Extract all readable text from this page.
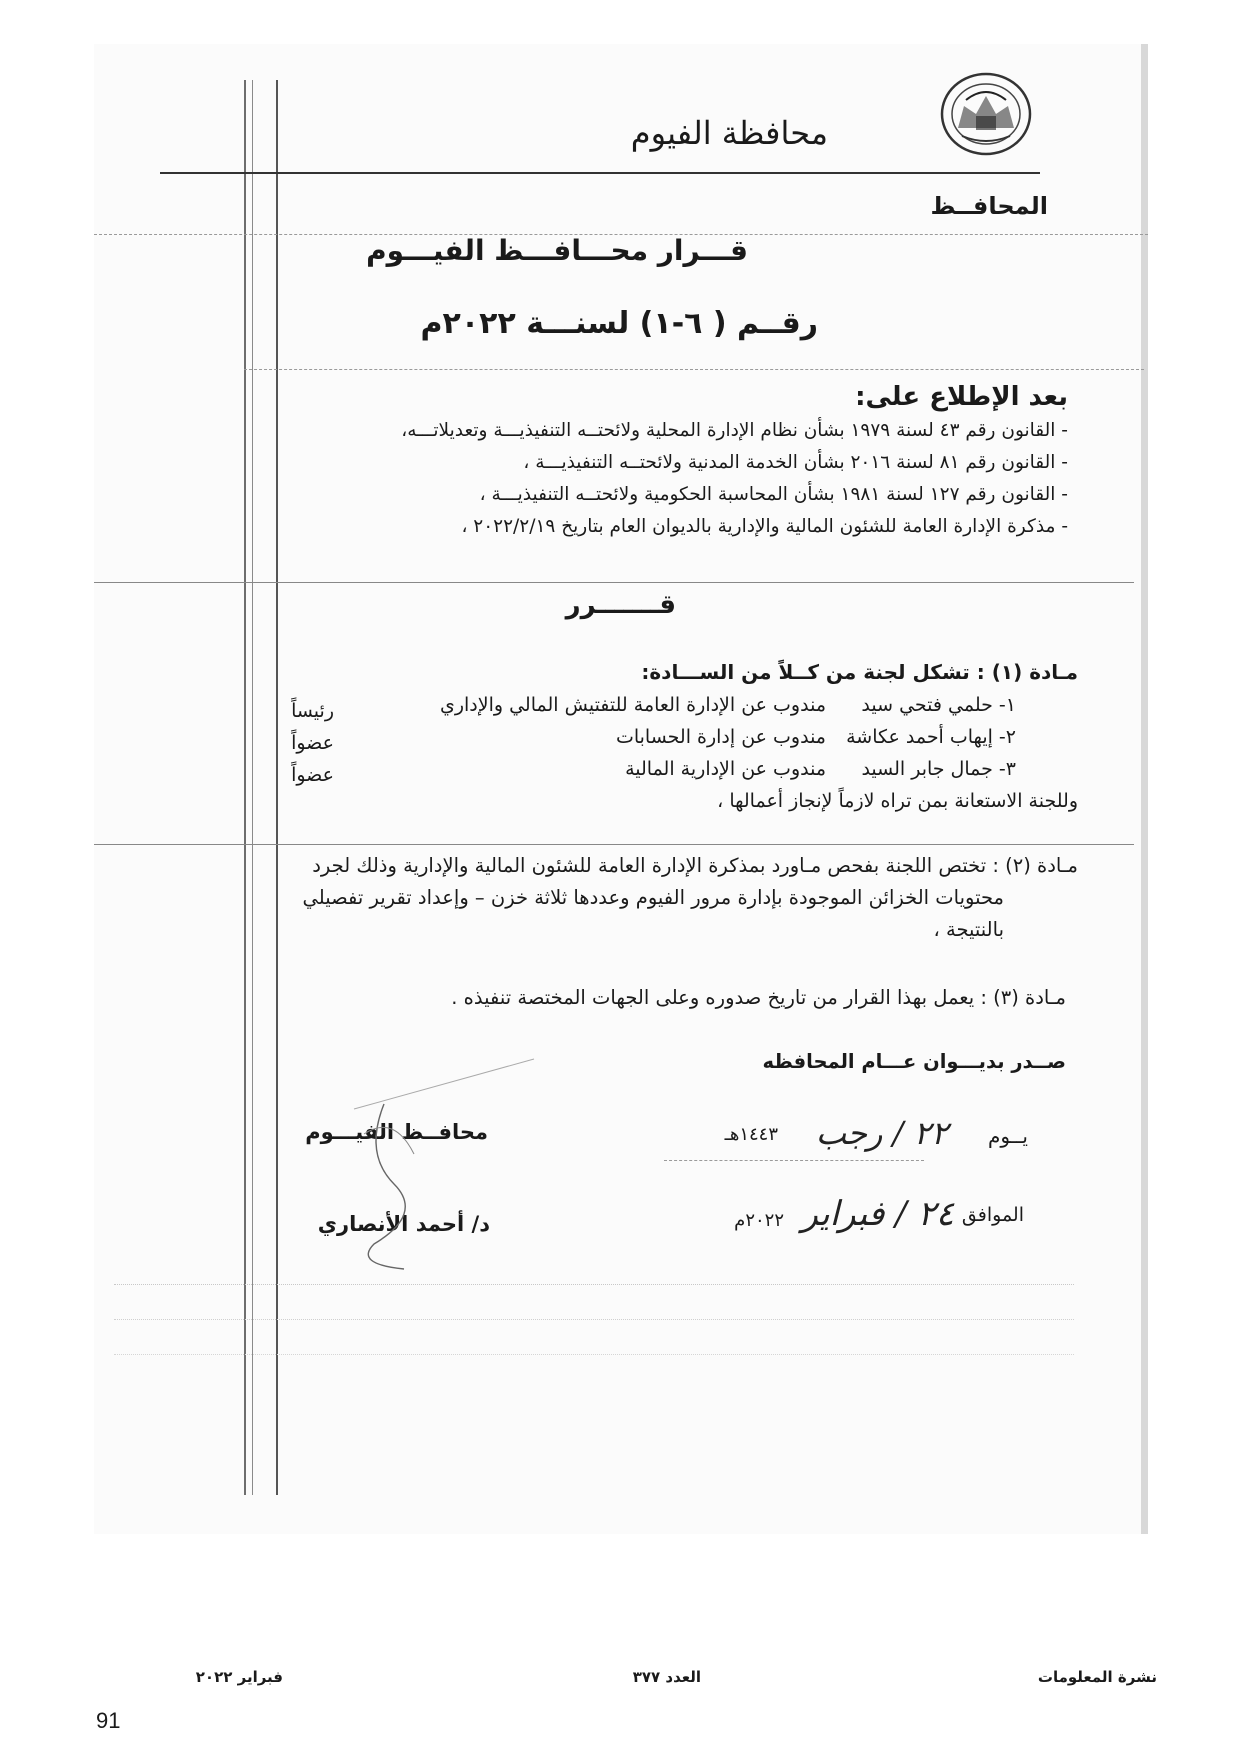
محافظة الفيوم
المحافــظ
قـــرار محـــافـــظ الفيـــوم
رقــم ( ٦-١) لسنـــة ٢٠٢٢م
بعد الإطلاع على:
- القانون رقم ٤٣ لسنة ١٩٧٩ بشأن نظام الإدارة المحلية ولائحتــه التنفيذيـــة وتعديلاتـــه،
- القانون رقم ٨١ لسنة ٢٠١٦ بشأن الخدمة المدنية ولائحتــه التنفيذيـــة ،
- القانون رقم ١٢٧ لسنة ١٩٨١ بشأن المحاسبة الحكومية ولائحتــه التنفيذيـــة ،
- مذكرة الإدارة العامة للشئون المالية والإدارية بالديوان العام بتاريخ ٢٠٢٢/٢/١٩ ،
قـــــــرر
مـادة (١) : تشكل لجنة من كــلاً من الســـادة:
١- حلمي فتحي سيد
مندوب عن الإدارة العامة للتفتيش المالي والإداري
رئيساً
٢- إيهاب أحمد عكاشة
مندوب عن إدارة الحسابات
عضواً
٣- جمال جابر السيد
مندوب عن الإدارية المالية
عضواً
وللجنة الاستعانة بمن تراه لازماً لإنجاز أعمالها ،
مـادة (٢) : تختص اللجنة بفحص مـاورد بمذكرة الإدارة العامة للشئون المالية والإدارية وذلك لجرد
محتويات الخزائن الموجودة بإدارة مرور الفيوم وعددها ثلاثة خزن – وإعداد تقرير تفصيلي
بالنتيجة ،
مـادة (٣) : يعمل بهذا القرار من تاريخ صدوره وعلى الجهات المختصة تنفيذه .
صــدر بديـــوان عـــام المحافظه
يــوم
٢٢ / رجب
١٤٤٣هـ
محافــظ الفيـــوم
الموافق
٢٤ / فبراير
٢٠٢٢م
د/ أحمد الأنصاري
نشرة المعلومات
العدد ٣٧٧
فبراير ٢٠٢٢
91
